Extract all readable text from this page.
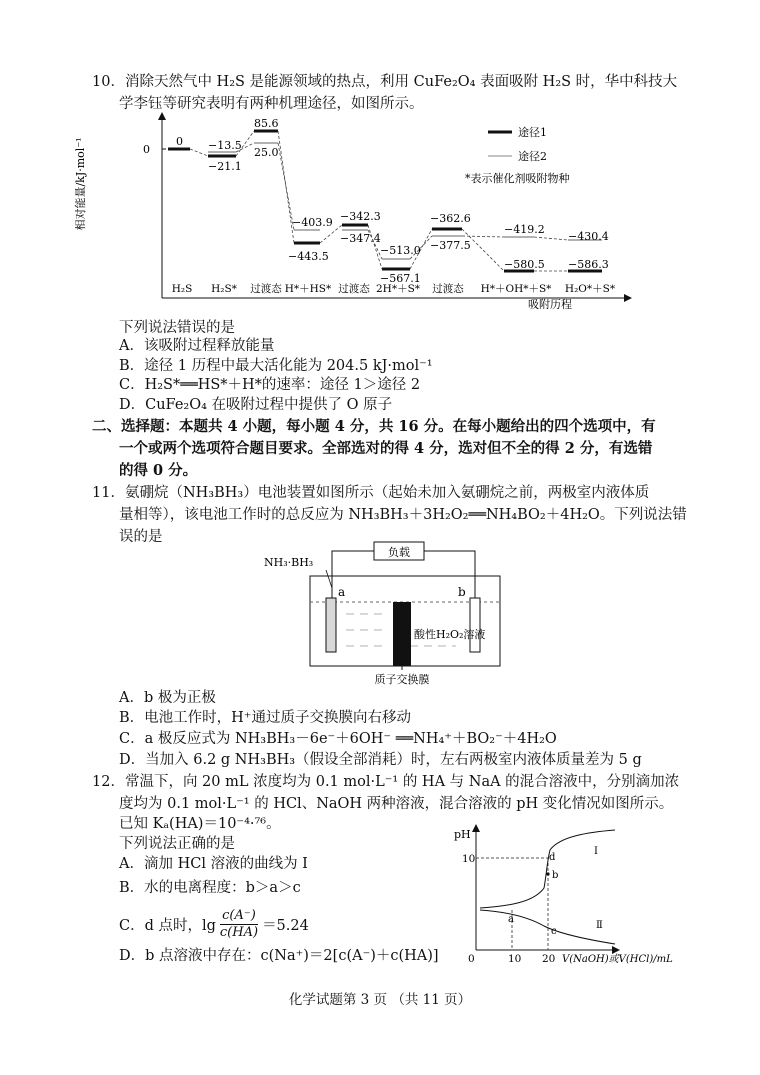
10．消除天然气中 H₂S 是能源领域的热点，利用 CuFe₂O₄ 表面吸附 H₂S 时，华中科技大
学李钰等研究表明有两种机理途径，如图所示。
相对能量/kJ·mol⁻¹	0
途径1
途径2
*表示催化剂吸附物种
0 −13.5
−21.1
85.6
25.0
−403.9
−443.5
−342.3
−347.4
−513.0
−567.1
−362.6
−377.5
−419.2
−580.5
−430.4
−586.3
H₂S H₂S* 过渡态 H*＋HS* 过渡态 2H*＋S* 过渡态 H*＋OH*＋S* H₂O*＋S*
吸附历程
下列说法错误的是
A．该吸附过程释放能量
B．途径 1 历程中最大活化能为 204.5 kJ·mol⁻¹
C．H₂S*══HS*＋H*的速率：途径 1＞途径 2
D．CuFe₂O₄ 在吸附过程中提供了 O 原子
二、选择题：本题共 4 小题，每小题 4 分，共 16 分。在每小题给出的四个选项中，有
一个或两个选项符合题目要求。全部选对的得 4 分，选对但不全的得 2 分，有选错
的得 0 分。
11．氨硼烷（NH₃BH₃）电池装置如图所示（起始未加入氨硼烷之前，两极室内液体质
量相等），该电池工作时的总反应为 NH₃BH₃＋3H₂O₂══NH₄BO₂＋4H₂O。下列说法错
误的是
负载
NH₃·BH₃
a	b
酸性H₂O₂溶液
质子交换膜
A．b 极为正极
B．电池工作时，H⁺通过质子交换膜向右移动
C．a 极反应式为 NH₃BH₃－6e⁻＋6OH⁻ ══NH₄⁺＋BO₂⁻＋4H₂O
D．当加入 6.2 g NH₃BH₃（假设全部消耗）时，左右两极室内液体质量差为 5 g
12．常温下，向 20 mL 浓度均为 0.1 mol·L⁻¹ 的 HA 与 NaA 的混合溶液中，分别滴加浓
度均为 0.1 mol·L⁻¹ 的 HCl、NaOH 两种溶液，混合溶液的 pH 变化情况如图所示。
已知 Kₐ(HA)＝10⁻⁴·⁷⁶。
下列说法正确的是
A．滴加 HCl 溶液的曲线为 Ⅰ
B．水的电离程度：b＞a＞c
C．d 点时，$\lg \frac{c(A^-)}{c(HA)} =5.24$
D．b 点溶液中存在：c(Na⁺)＝2[c(A⁻)＋c(HA)]
pH
10
0	10 20 V(NaOH)或V(HCl)/mL
a
b
c
d
Ⅰ
Ⅱ
化学试题第 3 页 （共 11 页）
